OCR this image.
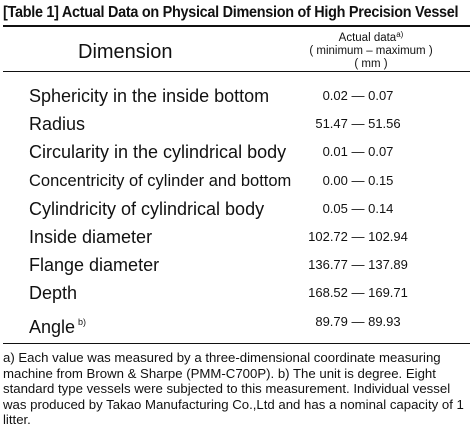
[Table 1] Actual Data on Physical Dimension of High Precision Vessel
Dimension
Actual data$^{a)}$
( minimum – maximum )
( mm )
Sphericity in the inside bottom	0.02 — 0.07
Radius	51.47 — 51.56
Circularity in the cylindrical body	0.01 — 0.07
Concentricity of cylinder and bottom	0.00 — 0.15
Cylindricity of cylindrical body	0.05 — 0.14
Inside diameter	102.72 — 102.94
Flange diameter	136.77 — 137.89
Depth	168.52 — 169.71
Angle $^{b)}$	89.79 — 89.93
a) Each value was measured by a three-dimensional coordinate measuring machine from Brown & Sharpe (PMM-C700P). b) The unit is degree. Eight standard type vessels were subjected to this measurement. Individual vessel was produced by Takao Manufacturing Co.,Ltd and has a nominal capacity of 1 litter.
